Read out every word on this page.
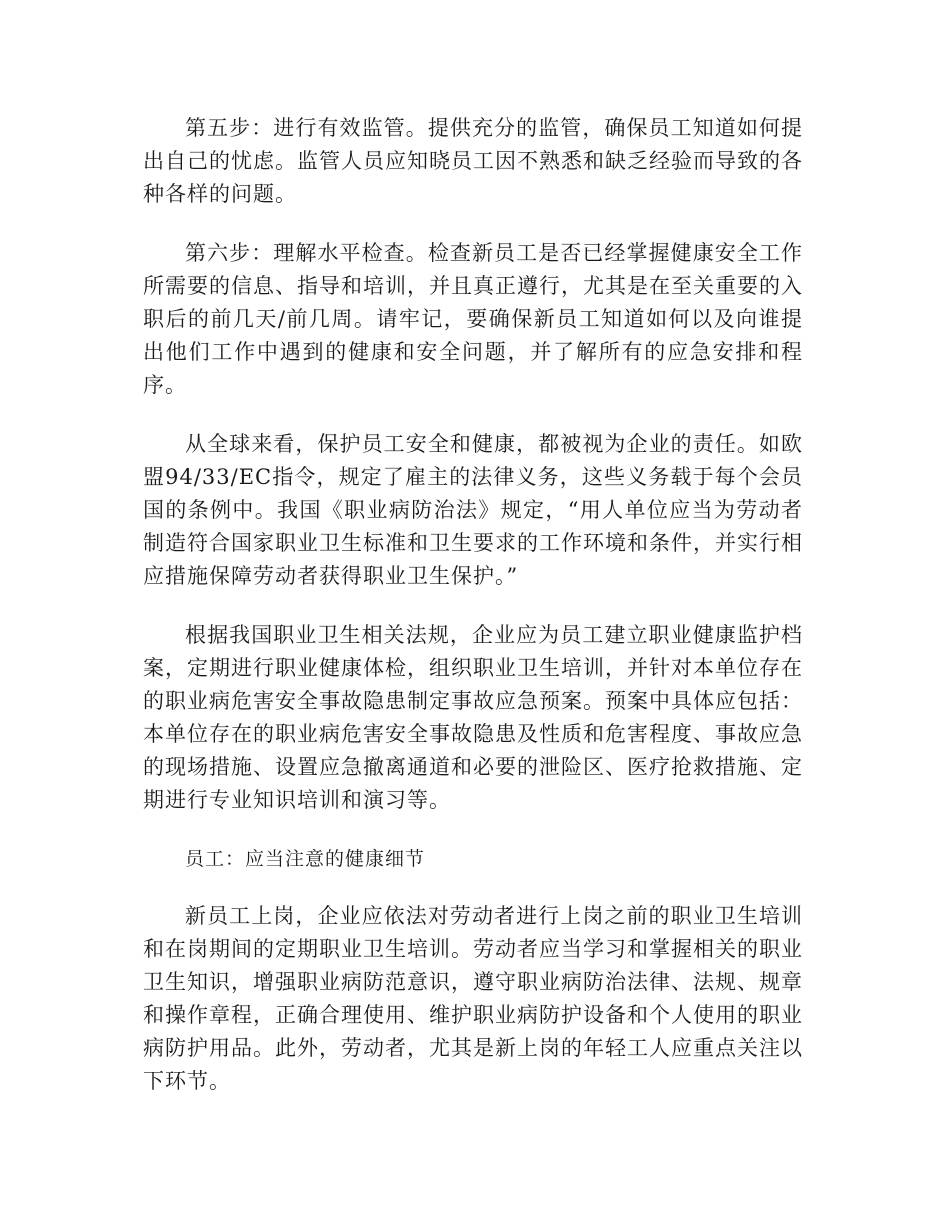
第五步：进行有效监管。提供充分的监管，确保员工知道如何提出自己的忧虑。监管人员应知晓员工因不熟悉和缺乏经验而导致的各种各样的问题。

第六步：理解水平检查。检查新员工是否已经掌握健康安全工作所需要的信息、指导和培训，并且真正遵行，尤其是在至关重要的入职后的前几天/前几周。请牢记，要确保新员工知道如何以及向谁提出他们工作中遇到的健康和安全问题，并了解所有的应急安排和程序。

从全球来看，保护员工安全和健康，都被视为企业的责任。如欧盟94/33/EC指令，规定了雇主的法律义务，这些义务载于每个会员国的条例中。我国《职业病防治法》规定，“用人单位应当为劳动者制造符合国家职业卫生标准和卫生要求的工作环境和条件，并实行相应措施保障劳动者获得职业卫生保护。”

根据我国职业卫生相关法规，企业应为员工建立职业健康监护档案，定期进行职业健康体检，组织职业卫生培训，并针对本单位存在的职业病危害安全事故隐患制定事故应急预案。预案中具体应包括：本单位存在的职业病危害安全事故隐患及性质和危害程度、事故应急的现场措施、设置应急撤离通道和必要的泄险区、医疗抢救措施、定期进行专业知识培训和演习等。

员工：应当注意的健康细节

新员工上岗，企业应依法对劳动者进行上岗之前的职业卫生培训和在岗期间的定期职业卫生培训。劳动者应当学习和掌握相关的职业卫生知识，增强职业病防范意识，遵守职业病防治法律、法规、规章和操作章程，正确合理使用、维护职业病防护设备和个人使用的职业病防护用品。此外，劳动者，尤其是新上岗的年轻工人应重点关注以下环节。
